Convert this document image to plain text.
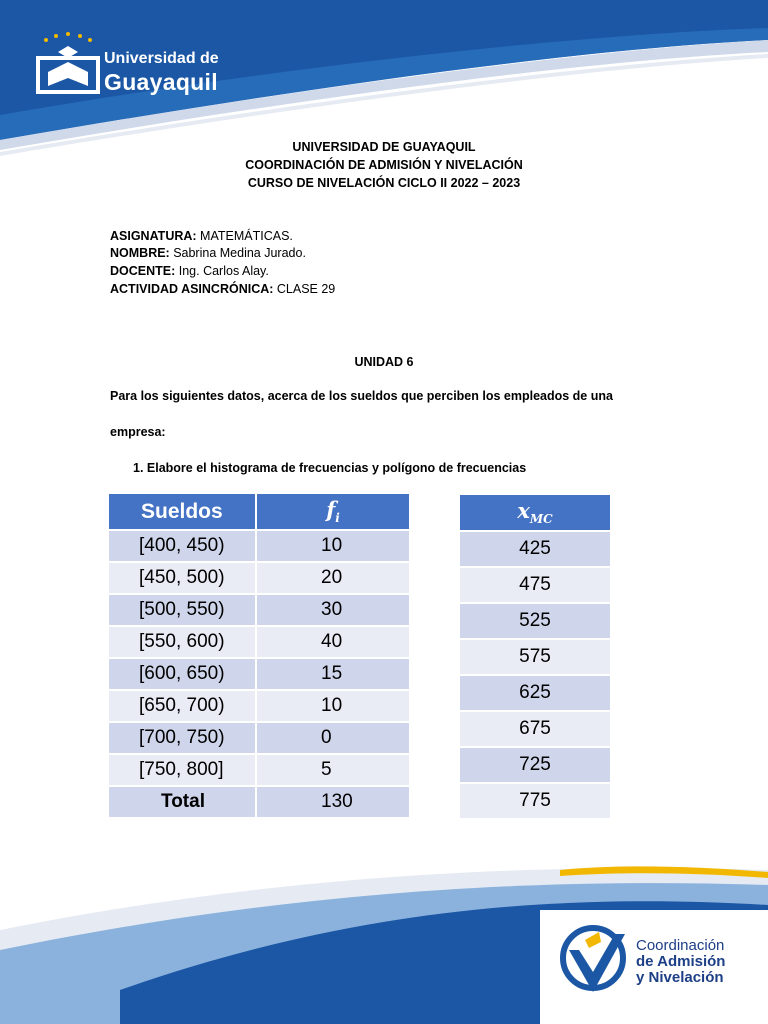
Universidad de
Guayaquil
UNIVERSIDAD DE GUAYAQUIL
COORDINACIÓN DE ADMISIÓN Y NIVELACIÓN
CURSO DE NIVELACIÓN CICLO II 2022 – 2023
ASIGNATURA: MATEMÁTICAS.
NOMBRE: Sabrina Medina Jurado.
DOCENTE: Ing. Carlos Alay.
ACTIVIDAD ASINCRÓNICA: CLASE 29
UNIDAD 6
Para los siguientes datos, acerca de los sueldos que perciben los empleados de una
empresa:
1. Elabore el histograma de frecuencias y polígono de frecuencias
Sueldos	$f_i$
[400, 450)	10
[450, 500)	20
[500, 550)	30
[550, 600)	40
[600, 650)	15
[650, 700)	10
[700, 750)	0
[750, 800]	5
Total	130
$x_{MC}$
425
475
525
575
625
675
725
775
Coordinación
de Admisión
y Nivelación
